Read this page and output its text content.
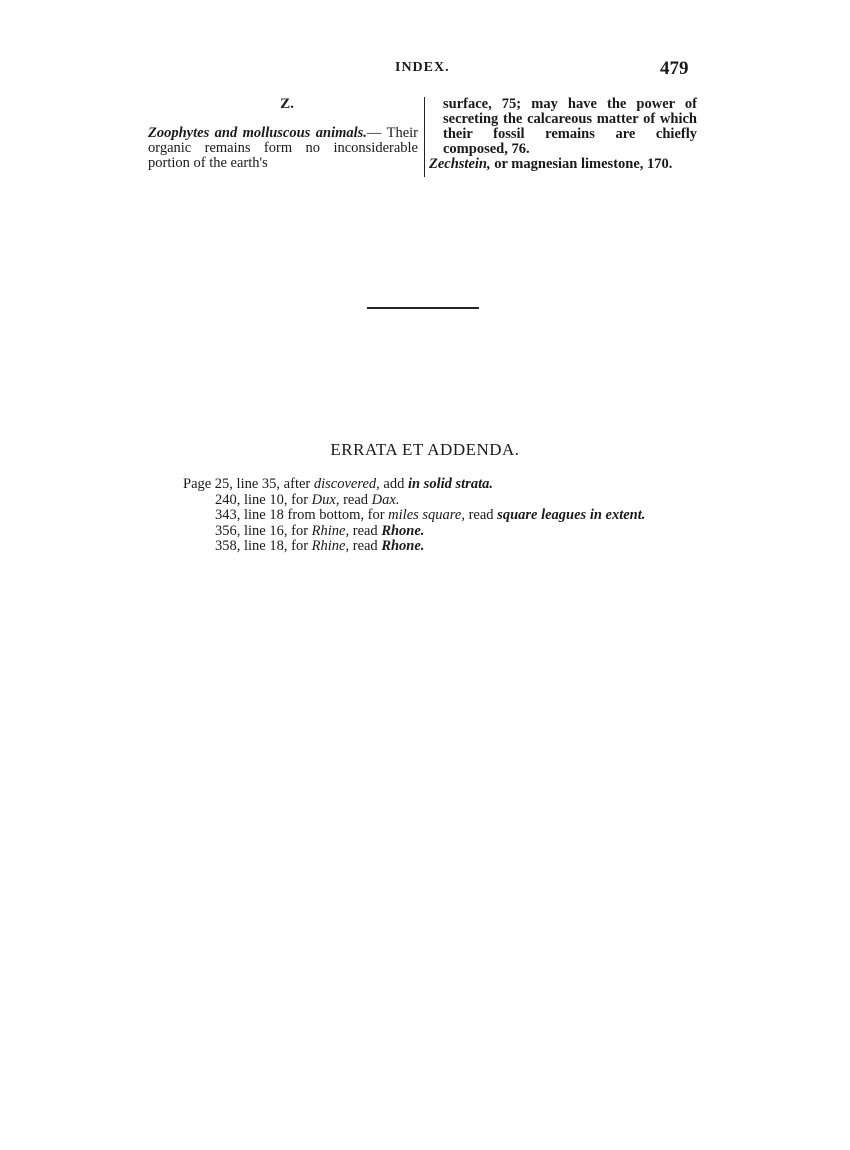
INDEX.	479
Z.
Zoophytes and molluscous animals.— Their organic remains form no inconsiderable portion of the earth's
surface, 75; may have the power of secreting the calcareous matter of which their fossil remains are chiefly composed, 76.
Zechstein, or magnesian limestone, 170.
ERRATA ET ADDENDA.
Page 25, line 35, after discovered, add in solid strata.
240, line 10, for Dux, read Dax.
343, line 18 from bottom, for miles square, read square leagues in extent.
356, line 16, for Rhine, read Rhone.
358, line 18, for Rhine, read Rhone.
